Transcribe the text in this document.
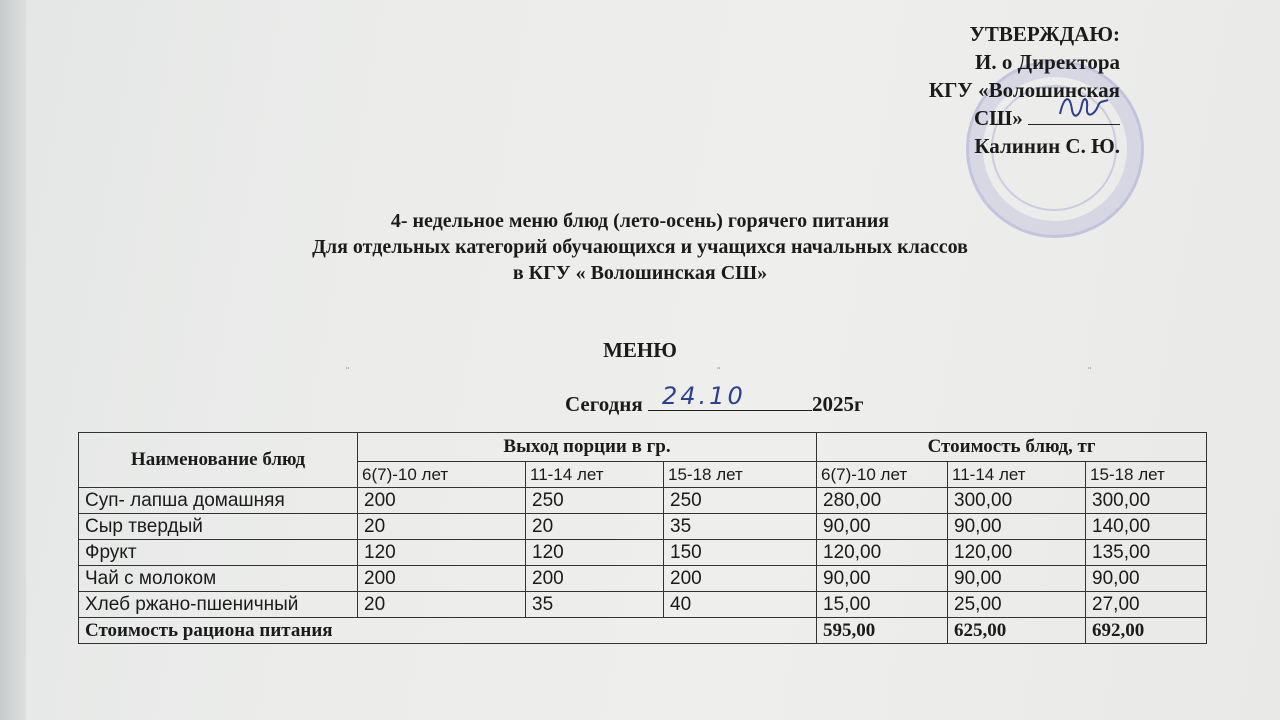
УТВЕРЖДАЮ:
И. о Директора
КГУ «Волошинская
СШ»
Калинин С. Ю.
4- недельное меню блюд (лето-осень) горячего питания
Для отдельных категорий обучающихся и учащихся начальных классов
в КГУ « Волошинская СШ»
МЕНЮ
¨	¨	¨
Сегодня 24.10	2025г
Наименование блюд	Выход порции в гр.			Стоимость блюд, тг		
	6(7)-10 лет	11-14 лет	15-18 лет	6(7)-10 лет	11-14 лет	15-18 лет
Суп- лапша домашняя	200	250	250	280,00	300,00	300,00
Сыр твердый	20	20	35	90,00	90,00	140,00
Фрукт	120	120	150	120,00	120,00	135,00
Чай с молоком	200	200	200	90,00	90,00	90,00
Хлеб ржано-пшеничный	20	35	40	15,00	25,00	27,00
Стоимость рациона питания				595,00	625,00	692,00
